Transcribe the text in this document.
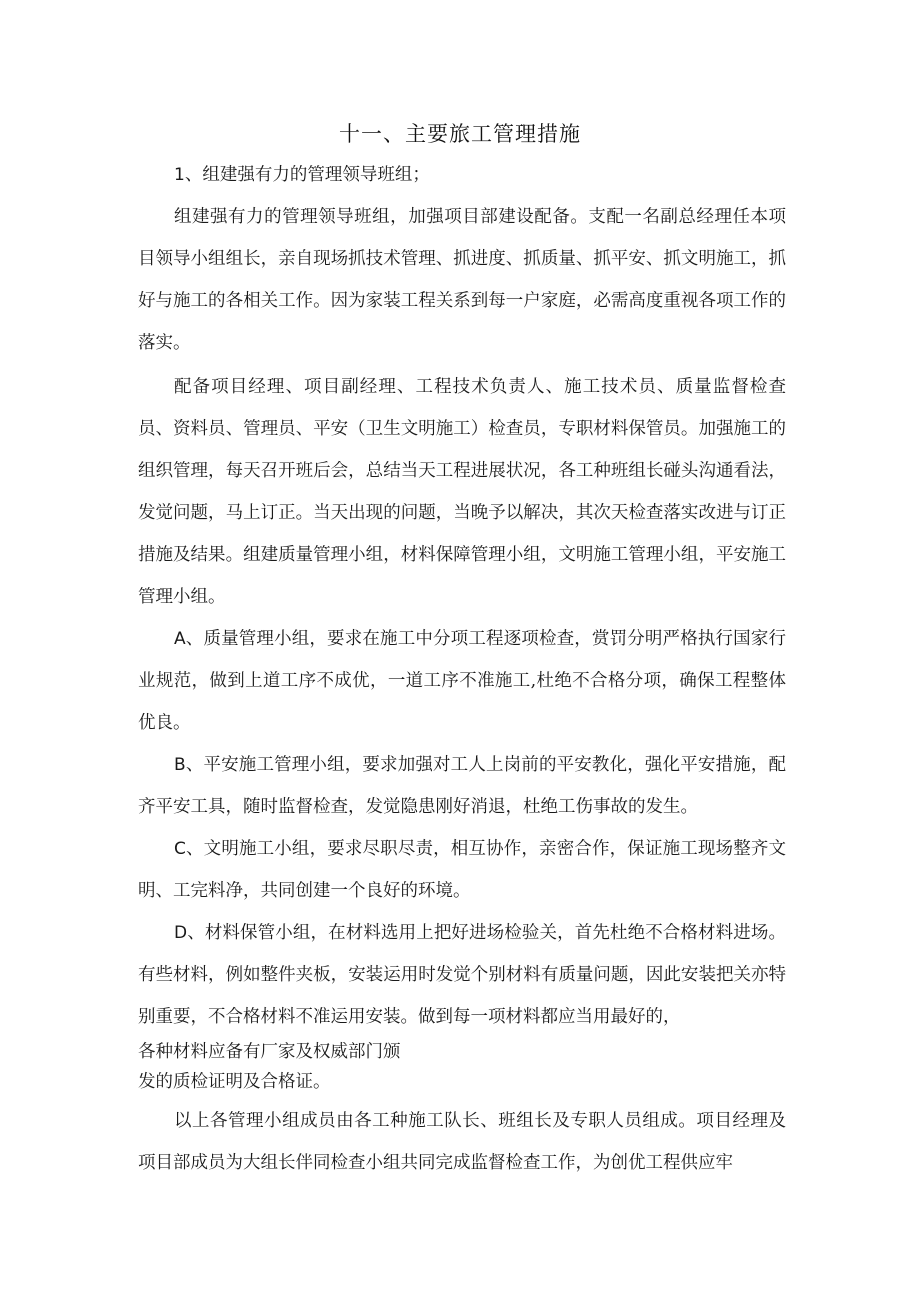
十一、主要旅工管理措施

1、组建强有力的管理领导班组；

组建强有力的管理领导班组，加强项目部建设配备。支配一名副总经理任本项目领导小组组长，亲自现场抓技术管理、抓进度、抓质量、抓平安、抓文明施工，抓好与施工的各相关工作。因为家装工程关系到每一户家庭，必需高度重视各项工作的落实。

配备项目经理、项目副经理、工程技术负责人、施工技术员、质量监督检查员、资料员、管理员、平安（卫生文明施工）检查员，专职材料保管员。加强施工的组织管理，每天召开班后会，总结当天工程进展状况，各工种班组长碰头沟通看法，发觉问题，马上订正。当天出现的问题，当晚予以解决，其次天检查落实改进与订正措施及结果。组建质量管理小组，材料保障管理小组，文明施工管理小组，平安施工管理小组。

A、质量管理小组，要求在施工中分项工程逐项检查，赏罚分明严格执行国家行业规范，做到上道工序不成优，一道工序不准施工,杜绝不合格分项，确保工程整体优良。

B、平安施工管理小组，要求加强对工人上岗前的平安教化，强化平安措施，配齐平安工具，随时监督检查，发觉隐患刚好消退，杜绝工伤事故的发生。

C、文明施工小组，要求尽职尽责，相互协作，亲密合作，保证施工现场整齐文明、工完料净，共同创建一个良好的环境。

D、材料保管小组，在材料选用上把好进场检验关，首先杜绝不合格材料进场。有些材料，例如整件夹板，安装运用时发觉个别材料有质量问题，因此安装把关亦特别重要，不合格材料不准运用安装。做到每一项材料都应当用最好的，

各种材料应备有厂家及权威部门颁

发的质检证明及合格证。

以上各管理小组成员由各工种施工队长、班组长及专职人员组成。项目经理及项目部成员为大组长伴同检查小组共同完成监督检查工作，为创优工程供应牢
